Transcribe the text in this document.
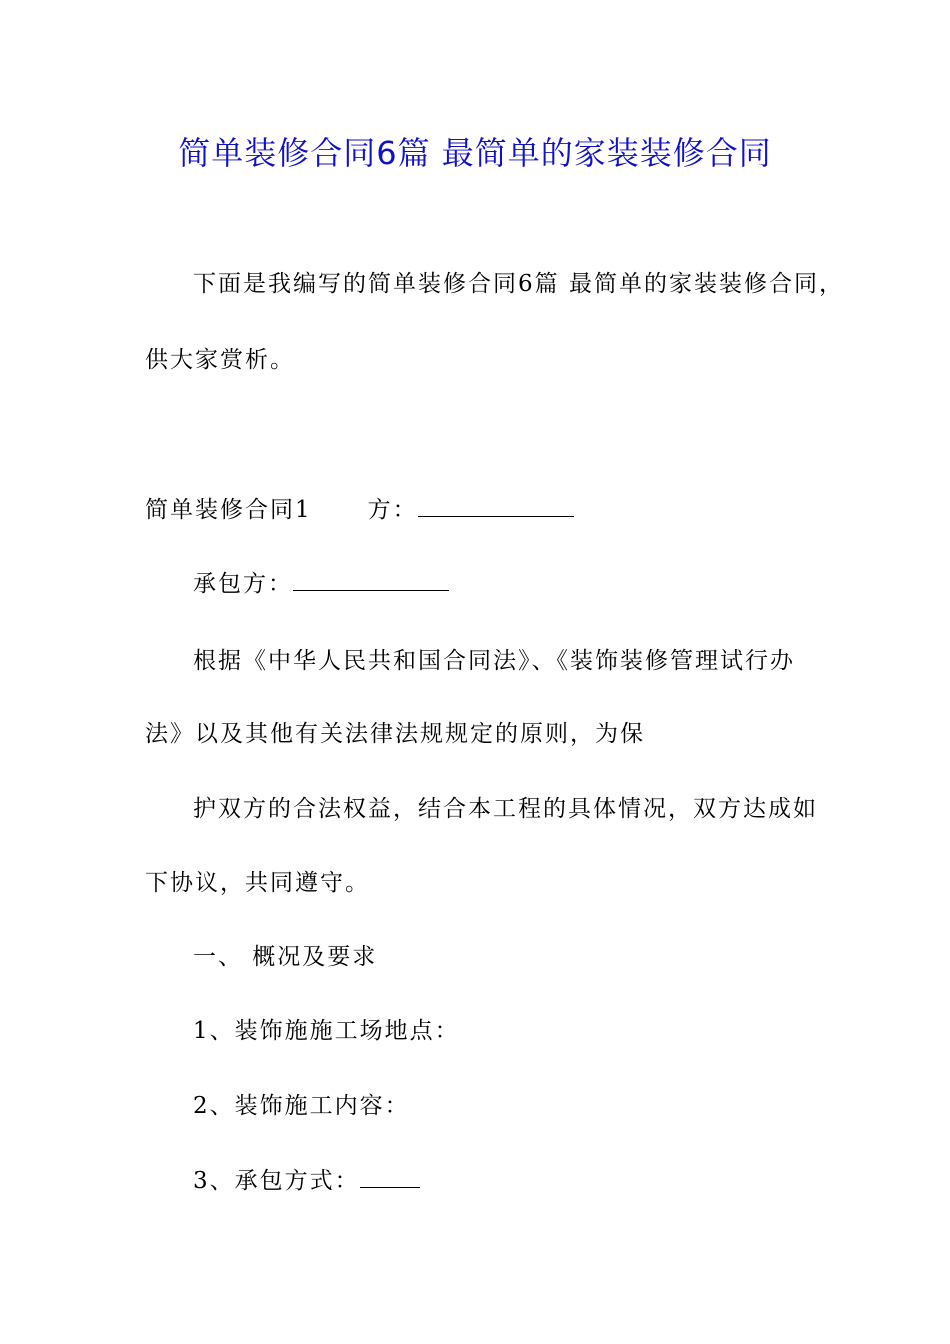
简单装修合同6篇 最简单的家装装修合同
下面是我编写的简单装修合同6篇 最简单的家装装修合同，
供大家赏析。
简单装修合同1 方：
承包方：
根据《中华人民共和国合同法》、《装饰装修管理试行办
法》以及其他有关法律法规规定的原则，为保
护双方的合法权益，结合本工程的具体情况，双方达成如
下协议，共同遵守。
一、 概况及要求
1、装饰施施工场地点：
2、装饰施工内容：
3、承包方式：
